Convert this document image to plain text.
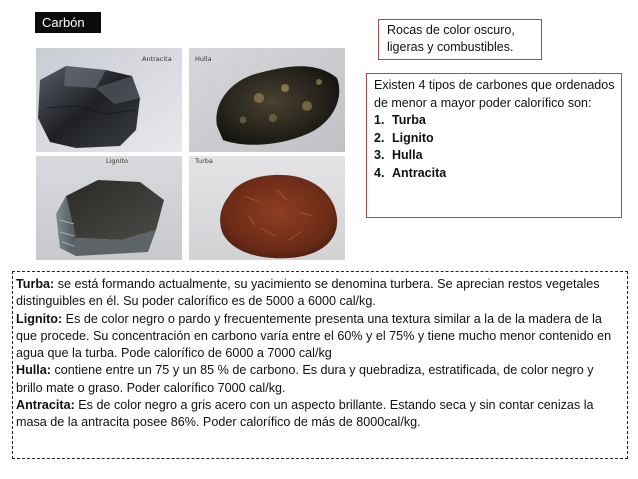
Carbón	Rocas de color oscuro, ligeras y combustibles.
Existen 4 tipos de carbones que ordenados de menor a mayor poder calorífico son:
1. Turba
2. Lignito
3. Hulla
4. Antracita
Antracita	Hulla
Lignito	Turba

Turba: se está formando actualmente, su yacimiento se denomina turbera. Se aprecian restos vegetales distinguibles en él. Su poder calorífico es de 5000 a 6000 cal/kg.

Lignito: Es de color negro o pardo y frecuentemente presenta una textura similar a la de la madera de la que procede. Su concentración en carbono varía entre el 60% y el 75% y tiene mucho menor contenido en agua que la turba. Pode calorífico de 6000 a 7000 cal/kg

Hulla: contiene entre un 75 y un 85 % de carbono. Es dura y quebradiza, estratificada, de color negro y brillo mate o graso. Poder calorífico 7000 cal/kg.

Antracita: Es de color negro a gris acero con un aspecto brillante. Estando seca y sin contar cenizas la masa de la antracita posee 86%. Poder calorífico de más de 8000cal/kg.
